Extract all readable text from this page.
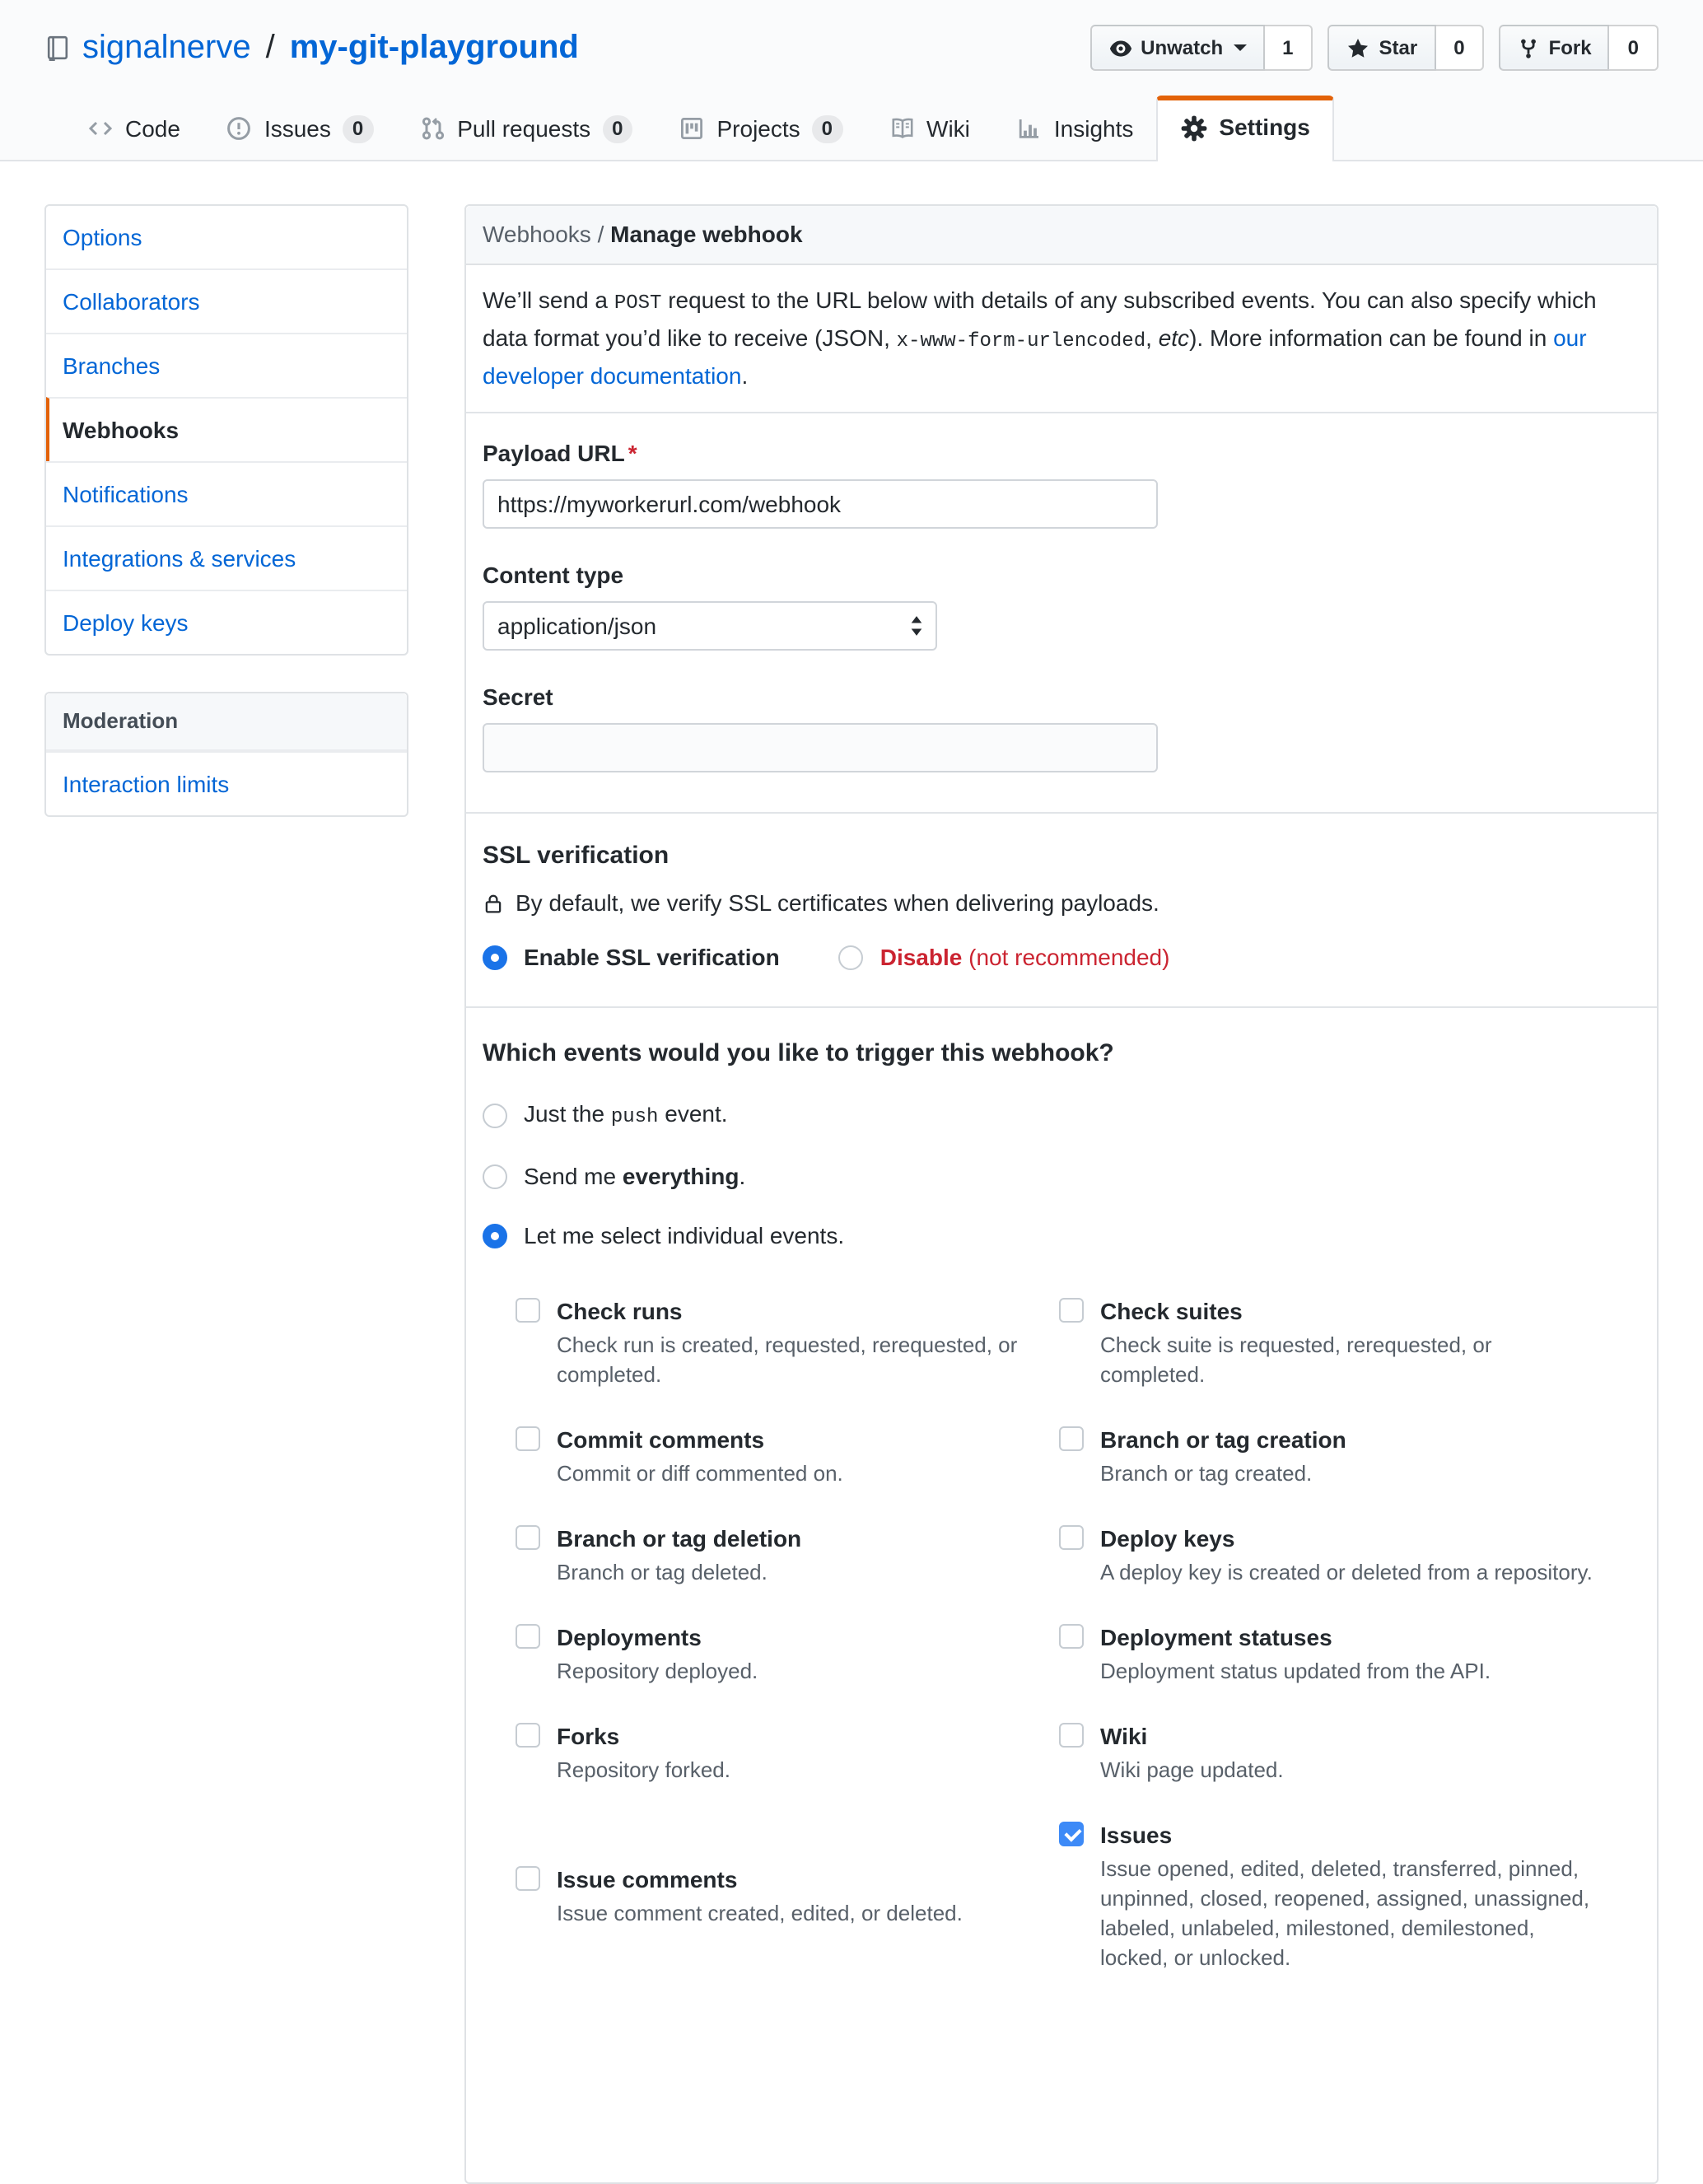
signalnerve / my-git-playground	Unwatch	1	Star	0	Fork	0
Code	Issues	0	Pull requests	0	Projects	0	Wiki	Insights	Settings
Options
Collaborators
Branches
Webhooks
Notifications
Integrations & services
Deploy keys
Moderation
Interaction limits
Webhooks / Manage webhook
We’ll send a POST request to the URL below with details of any subscribed events. You can also specify which data format you’d like to receive (JSON, x-www-form-urlencoded, etc). More information can be found in our developer documentation.
Payload URL *
https://myworkerurl.com/webhook
Content type
application/json
Secret
SSL verification
By default, we verify SSL certificates when delivering payloads.
Enable SSL verification	Disable (not recommended)
Which events would you like to trigger this webhook?
Just the push event.
Send me everything.
Let me select individual events.
Check runs
Check run is created, requested, rerequested, or completed.
Check suites
Check suite is requested, rerequested, or completed.
Commit comments
Commit or diff commented on.
Branch or tag creation
Branch or tag created.
Branch or tag deletion
Branch or tag deleted.
Deploy keys
A deploy key is created or deleted from a repository.
Deployments
Repository deployed.
Deployment statuses
Deployment status updated from the API.
Forks
Repository forked.
Wiki
Wiki page updated.
Issue comments
Issue comment created, edited, or deleted.
Issues
Issue opened, edited, deleted, transferred, pinned, unpinned, closed, reopened, assigned, unassigned, labeled, unlabeled, milestoned, demilestoned, locked, or unlocked.
